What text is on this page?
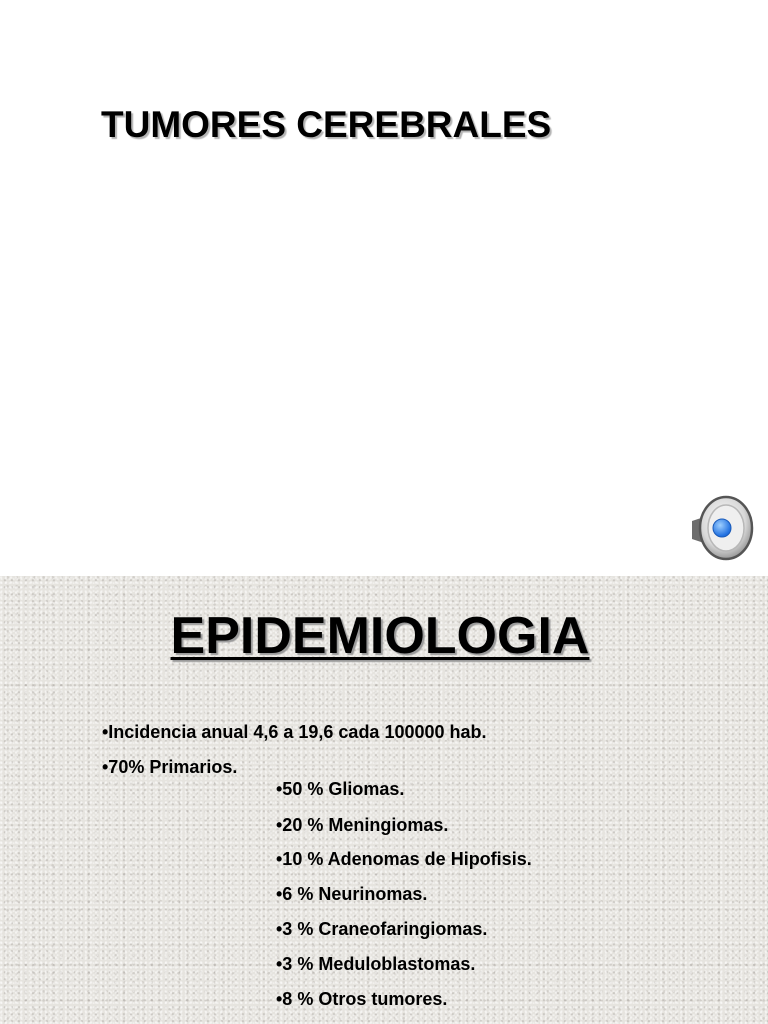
TUMORES CEREBRALES
EPIDEMIOLOGIA
•Incidencia anual 4,6 a 19,6 cada 100000 hab.
•70% Primarios.
•50 % Gliomas.
•20 % Meningiomas.
•10 % Adenomas de Hipofisis.
•6 % Neurinomas.
•3 % Craneofaringiomas.
•3 % Meduloblastomas.
•8 % Otros tumores.
